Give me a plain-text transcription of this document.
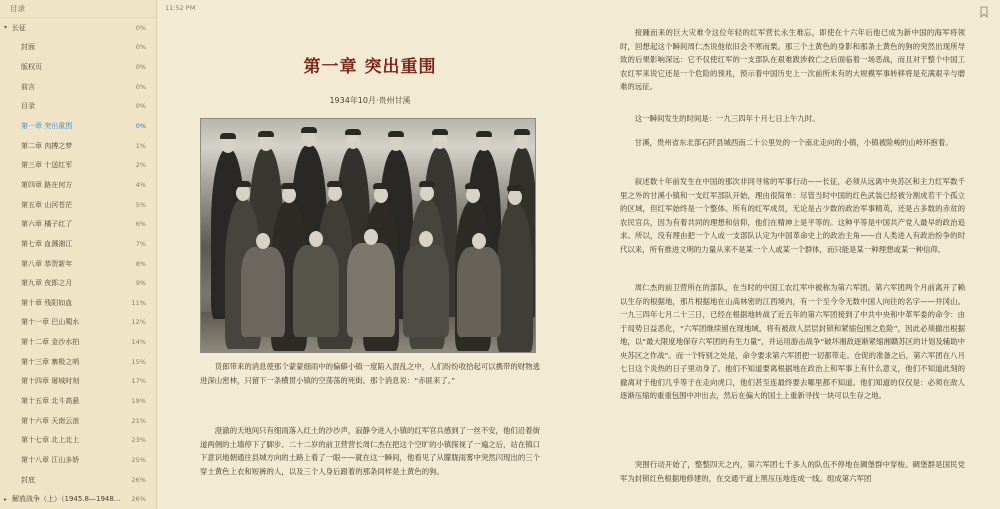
目录
▾ 长征	0%
封面	0%
版权页	0%
前言	0%
目录	0%
第一章 突出重围	0%
第二章 肉搏之梦	1%
第三章 十送红军	2%
第四章 路在何方	4%
第五章 山河苍茫	5%
第六章 橘子红了	6%
第七章 血溅湘江	7%
第八章 恭贺新年	8%
第九章 夜郎之月	9%
第十章 残阳如血	11%
第十一章 巴山蜀水	12%
第十二章 金沙水拍	14%
第十三章 寨极之哨	15%
第十四章 屠城时刻	17%
第十五章 北斗高悬	19%
第十六章 天南云浪	21%
第十七章 北上北上	23%
第十八章 江山多娇	25%
封底	26%
▸ 解放战争（上）（1945.8—1948... 26%
11:52 PM
第一章 突出重围
1934年10月·贵州甘溪

货郎带来的消息使那个蒙蒙细雨中的偏僻小镇一度陷入混乱之中，人们纷纷收拾起可以携带的财物逃进深山密林，只留下一条横贯小镇的空荡荡的死街。那个消息说：“赤匪来了。”

澄澈的天地间只有细雨落入红土的沙沙声，寂静令进入小镇的红军官兵感到了一丝不安，他们沿着街道两侧的土墙停下了脚步。二十二岁的前卫营营长周仁杰在把这个空旷的小镇探视了一遍之后，站在镇口下意识地朝通往县城方向的土路上看了一眼——就在这一瞬间，他看见了从朦胧雨雾中突然闪现出的三个穿土黄色上衣和短裤的人，以及三个人身后跟着的那条同样是土黄色的狗。

接踵而来的巨大灾难令这位年轻的红军营长永生难忘，即使在十六年后他已成为新中国的海军将领时，回想起这个瞬间周仁杰说他依旧会不寒而栗。那三个土黄色的身影和那条土黄色的狗的突然出现所导致的后果影响深远：它不仅使红军的一支部队在艰难跋涉救亡之后面临着一场恶战，而且对于整个中国工农红军来说它还是一个危险的预兆，预示着中国历史上一次前所未有的大规模军事转移将是充满艰辛与磨难的远征。

这一瞬间发生的时间是：一九三四年十月七日上午九时。

甘溪，贵州省东北部石阡县城西南二十公里处的一个南北走向的小镇，小镇被险峻的山岭环抱着。

叙述数十年前发生在中国的那次非同寻常的军事行动——长征，必须从远离中央苏区和主力红军数千里之外的甘溪小镇和一支红军部队开始，理由很简单：尽管当时中国的红色武装已经被分割成若干个孤立的区域，但红军始终是一个整体。所有的红军成员，无论是占少数的政治军事精英，还是占多数的赤贫的农民官兵，因为有着共同的理想和信仰，他们在精神上是平等的。这种平等是中国共产党人最早的政治追求。所以，没有理由把一个人或一支部队认定为中国革命史上的政治主角——自人类进入有政治纷争的时代以来，所有推进文明的力量从来不是某一个人或某一个群体，而只能是某一种理想或某一种信仰。

周仁杰的前卫营所在的部队，在当时的中国工农红军中被称为第六军团。第六军团两个月前离开了赖以生存的根据地，那片根据地在山高林密的江西境内，有一个至今令无数中国人向往的名字——井冈山。一九三四年七月二十三日，已经在根据地转战了近五年的第六军团接到了中共中央和中革军委的命令：由于局势日益恶化，“六军团继续留在现地域，将有被敌人层层封锁和紧缩包围之危险”，因此必须撤出根据地，以“最大限度地保存六军团的有生力量”，并运用游击战争“破坏湘敌逐渐紧缩湘赣苏区的计划及辅助中央苏区之作战”。而一个特别之处是，命令要求第六军团把一切都带走。仓促的准备之后，第六军团在八月七日这个炎热的日子里动身了。他们不知道要离根据地在政治上和军事上有什么意义，他们不知道此刻的撤离对于他们几乎等于在走向虎口，他们甚至连最终要去哪里都不知道。他们知道的仅仅是：必须在敌人逐渐压缩的重重包围中冲出去，然后在偏大的国土上重新寻找一块可以生存之地。

突围行动开始了，整整四天之内，第六军团七千多人的队伍不停地在碉堡群中穿梭。碉堡群是国民党军为封锁红色根据地修建的，在交通干道上黑压压地连成一线。组成第六军团
